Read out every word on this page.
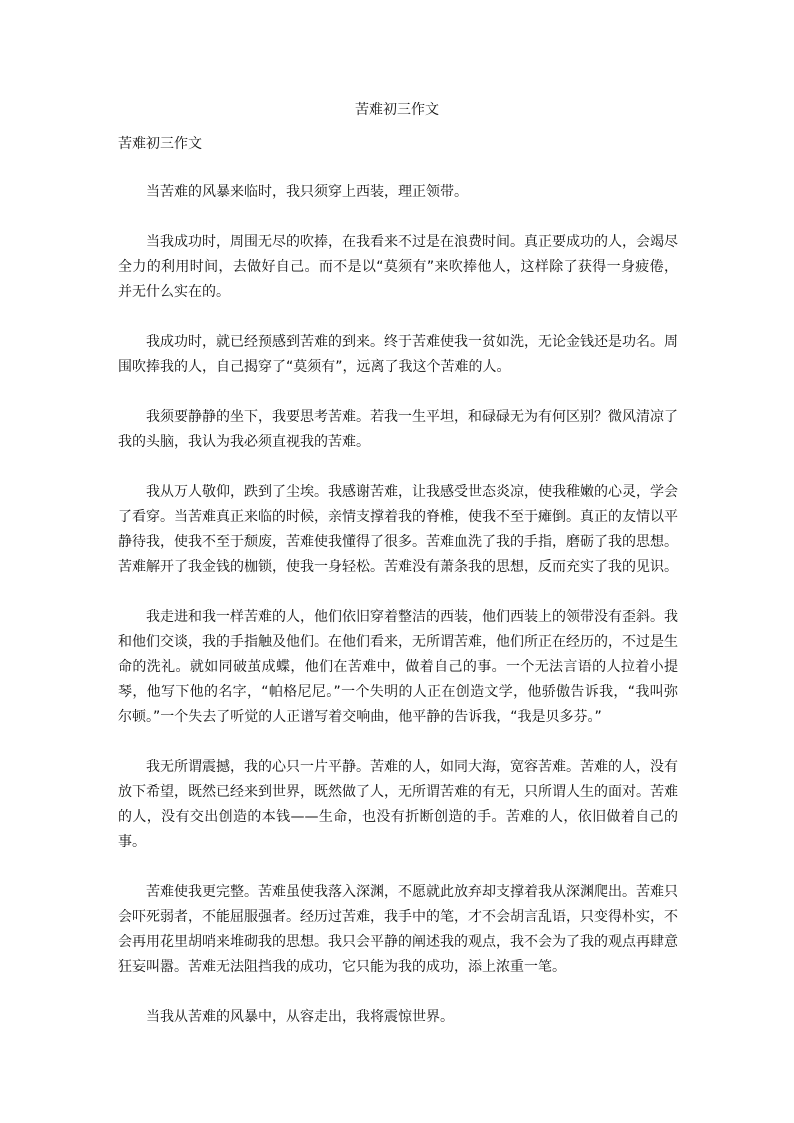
苦难初三作文
苦难初三作文

当苦难的风暴来临时，我只须穿上西装，理正领带。

当我成功时，周围无尽的吹捧，在我看来不过是在浪费时间。真正要成功的人，会竭尽全力的利用时间，去做好自己。而不是以“莫须有”来吹捧他人，这样除了获得一身疲倦，并无什么实在的。

我成功时，就已经预感到苦难的到来。终于苦难使我一贫如洗，无论金钱还是功名。周围吹捧我的人，自己揭穿了“莫须有”，远离了我这个苦难的人。

我须要静静的坐下，我要思考苦难。若我一生平坦，和碌碌无为有何区别？微风清凉了我的头脑，我认为我必须直视我的苦难。

我从万人敬仰，跌到了尘埃。我感谢苦难，让我感受世态炎凉，使我稚嫩的心灵，学会了看穿。当苦难真正来临的时候，亲情支撑着我的脊椎，使我不至于瘫倒。真正的友情以平静待我，使我不至于颓废，苦难使我懂得了很多。苦难血洗了我的手指，磨砺了我的思想。苦难解开了我金钱的枷锁，使我一身轻松。苦难没有萧条我的思想，反而充实了我的见识。

我走进和我一样苦难的人，他们依旧穿着整洁的西装，他们西装上的领带没有歪斜。我和他们交谈，我的手指触及他们。在他们看来，无所谓苦难，他们所正在经历的，不过是生命的洗礼。就如同破茧成蝶，他们在苦难中，做着自己的事。一个无法言语的人拉着小提琴，他写下他的名字，“帕格尼尼。”一个失明的人正在创造文学，他骄傲告诉我，“我叫弥尔顿。”一个失去了听觉的人正谱写着交响曲，他平静的告诉我，“我是贝多芬。”

我无所谓震撼，我的心只一片平静。苦难的人，如同大海，宽容苦难。苦难的人，没有放下希望，既然已经来到世界，既然做了人，无所谓苦难的有无，只所谓人生的面对。苦难的人，没有交出创造的本钱——生命，也没有折断创造的手。苦难的人，依旧做着自己的事。

苦难使我更完整。苦难虽使我落入深渊，不愿就此放弃却支撑着我从深渊爬出。苦难只会吓死弱者，不能屈服强者。经历过苦难，我手中的笔，才不会胡言乱语，只变得朴实，不会再用花里胡哨来堆砌我的思想。我只会平静的阐述我的观点，我不会为了我的观点再肆意狂妄叫嚣。苦难无法阻挡我的成功，它只能为我的成功，添上浓重一笔。

当我从苦难的风暴中，从容走出，我将震惊世界。
